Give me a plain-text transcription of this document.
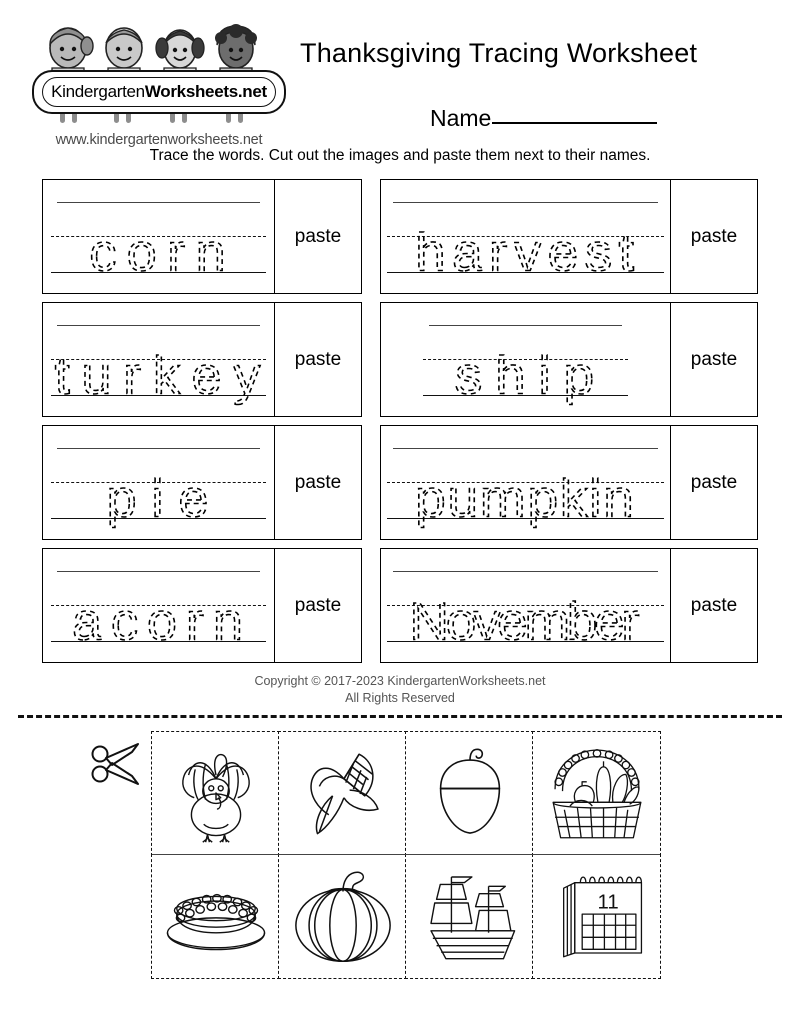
Kindergarten Worksheets.net
www.kindergartenworksheets.net
Thanksgiving Tracing Worksheet
Name
Trace the words. Cut out the images and paste them next to their names.
corn	paste harvest	paste
turkey paste ship	paste
pie	paste pumpkin	paste
acorn	paste November	paste
Copyright © 2017-2023 KindergartenWorksheets.net
All Rights Reserved
11
